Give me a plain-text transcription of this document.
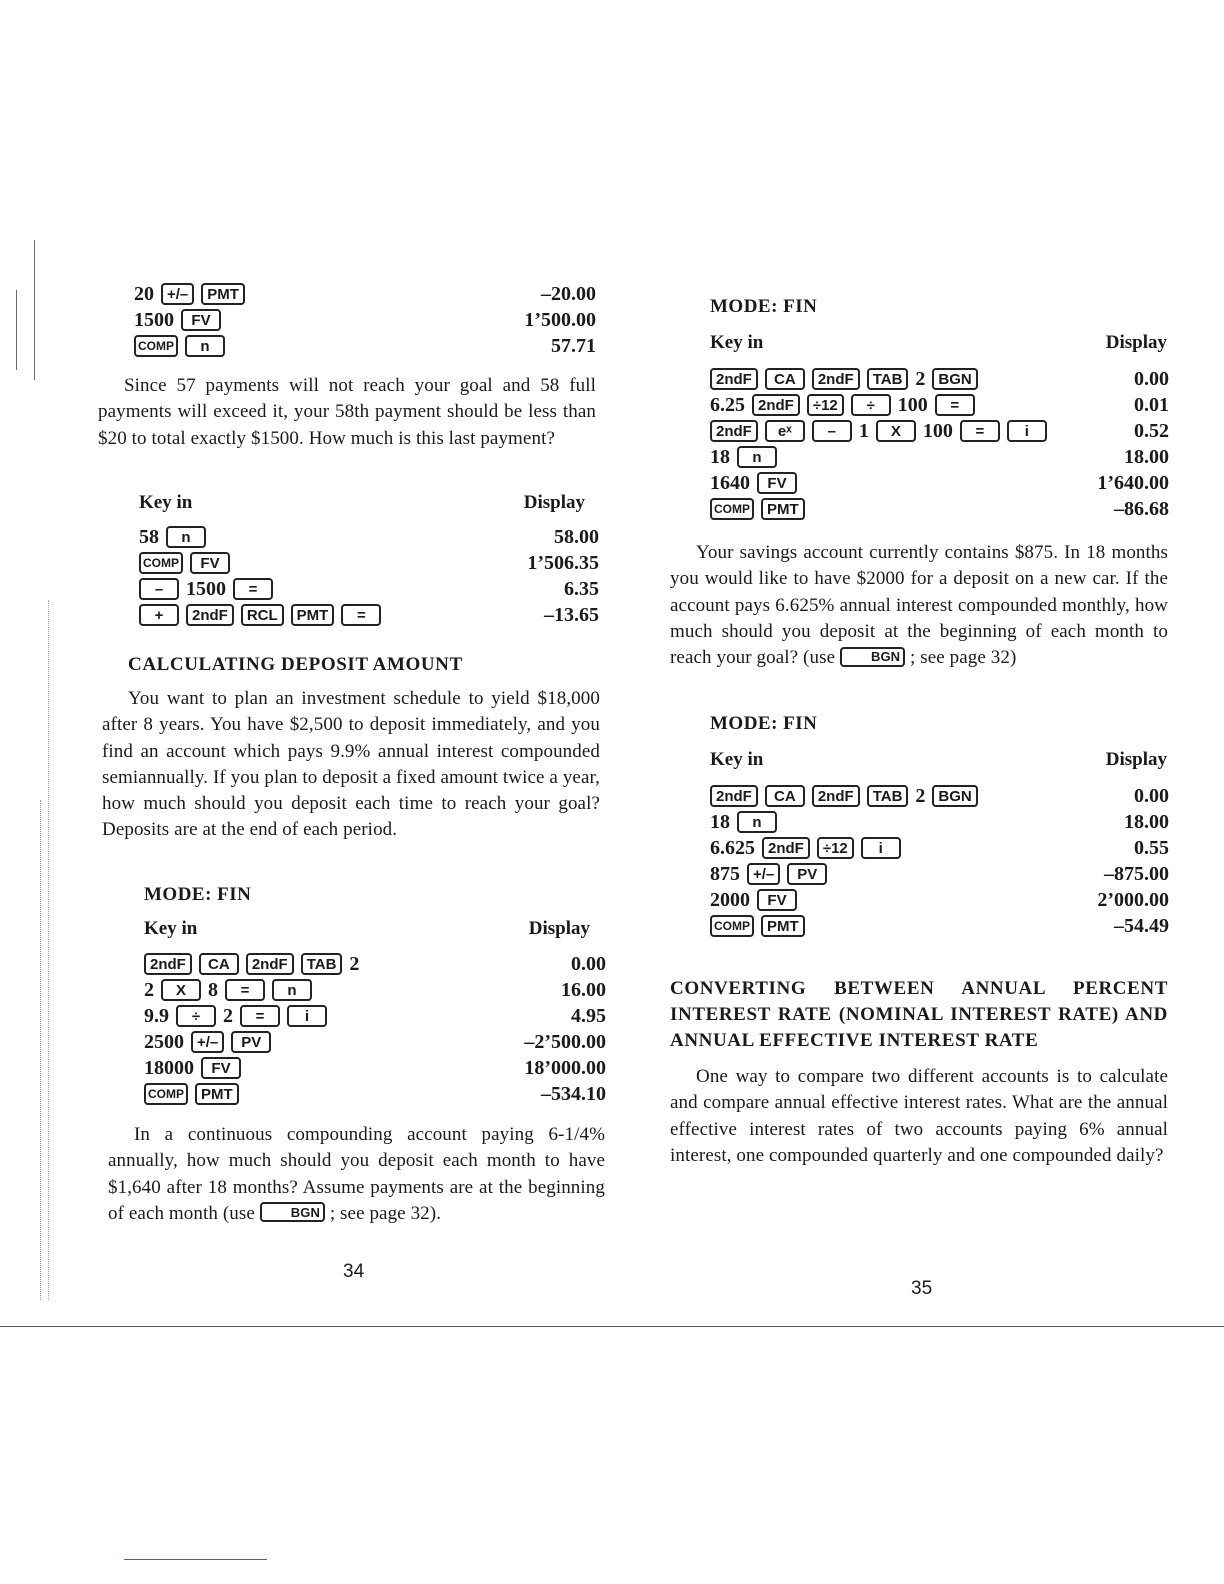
20 +/–	PMT	–20.00
1500	FV	1’500.00
COMP	n	57.71
Since 57 payments will not reach your goal and 58 full payments will exceed it, your 58th payment should be less than $20 to total exactly $1500. How much is this last payment?
Key in	Display
58	n	58.00
COMP	FV	1’506.35
–	1500	=	6.35
+	2ndF	RCL	PMT	=	–13.65
CALCULATING DEPOSIT AMOUNT
You want to plan an investment schedule to yield $18,000 after 8 years. You have $2,500 to deposit immediately, and you find an account which pays 9.9% annual interest compounded semiannually. If you plan to deposit a fixed amount twice a year, how much should you deposit each time to reach your goal? Deposits are at the end of each period.
MODE: FIN
Key in	Display
2ndF	CA	2ndF	TAB 2	0.00
2	X	8	=	n	16.00
9.9	÷	2	=	i	4.95
2500 +/–	PV	–2’500.00
18000	FV	18’000.00
COMP	PMT	–534.10
In a continuous compounding account paying 6-1/4% annually, how much should you deposit each month to have $1,640 after 18 months? Assume payments are at the beginning of each month (use	BGN ; see page 32).
34
MODE: FIN
Key in	Display
2ndF	CA	2ndF	TAB 2 BGN	0.00
6.25 2ndF	÷12	÷	100	=	0.01
2ndF	eˣ	–	1	X	100	=	i	0.52
18	n	18.00
1640	FV	1’640.00
COMP	PMT	–86.68
Your savings account currently contains $875. In 18 months you would like to have $2000 for a deposit on a new car. If the account pays 6.625% annual interest compounded monthly, how much should you deposit at the beginning of each month to reach your goal? (use	BGN ; see page 32)
MODE: FIN
Key in	Display
2ndF	CA	2ndF	TAB 2 BGN	0.00
18	n	18.00
6.625 2ndF	÷12	i	0.55
875 +/–	PV	–875.00
2000	FV	2’000.00
COMP	PMT	–54.49
CONVERTING BETWEEN ANNUAL PERCENT INTEREST RATE (NOMINAL INTEREST RATE) AND ANNUAL EFFECTIVE INTEREST RATE
One way to compare two different accounts is to calculate and compare annual effective interest rates. What are the annual effective interest rates of two accounts paying 6% annual interest, one compounded quarterly and one compounded daily?
35
